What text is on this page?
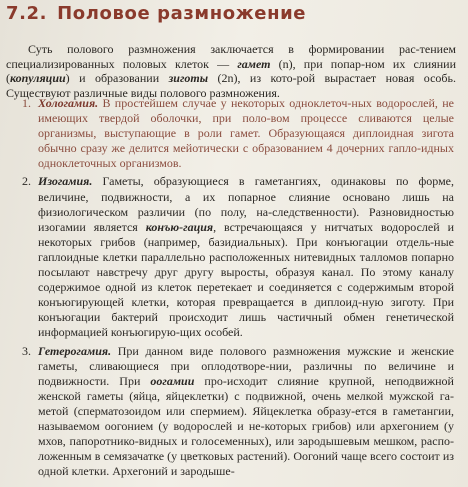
7.2. Половое размножение

Суть полового размножения заключается в формировании рас-тением специализированных половых клеток — гамет (n), при попар-ном их слиянии (копуляции) и образовании зиготы (2n), из кото-рой вырастает новая особь. Существуют различные виды полового размножения.

1. Хологамия. В простейшем случае у некоторых одноклеточ-ных водорослей, не имеющих твердой оболочки, при поло-вом процессе сливаются целые организмы, выступающие в роли гамет. Образующаяся диплоидная зигота обычно сразу же делится мейотически с образованием 4 дочерних гапло-идных одноклеточных организмов.
2. Изогамия. Гаметы, образующиеся в гаметангиях, одинаковы по форме, величине, подвижности, а их попарное слияние основано лишь на физиологическом различии (по полу, на-следственности). Разновидностью изогамии является конъю-гация, встречающаяся у нитчатых водорослей и некоторых грибов (например, базидиальных). При конъюгации отдель-ные гаплоидные клетки параллельно расположенных нитевидных талломов попарно посылают навстречу друг другу выросты, образуя канал. По этому каналу содержимое одной из клеток перетекает и соединяется с содержимым второй конъюгирующей клетки, которая превращается в диплоид-ную зиготу. При конъюгации бактерий происходит лишь частичный обмен генетической информацией конъюгирую-щих особей.
3. Гетерогамия. При данном виде полового размножения мужские и женские гаметы, сливающиеся при оплодотворе-нии, различны по величине и подвижности. При оогамии про-исходит слияние крупной, неподвижной женской гаметы (яйца, яйцеклетки) с подвижной, очень мелкой мужской га-метой (сперматозоидом или спермием). Яйцеклетка образу-ется в гаметангии, называемом оогонием (у водорослей и не-которых грибов) или архегонием (у мхов, папоротнико-видных и голосеменных), или зародышевым мешком, распо-ложенным в семязачатке (у цветковых растений). Оогоний чаще всего состоит из одной клетки. Архегоний и зародыше-
